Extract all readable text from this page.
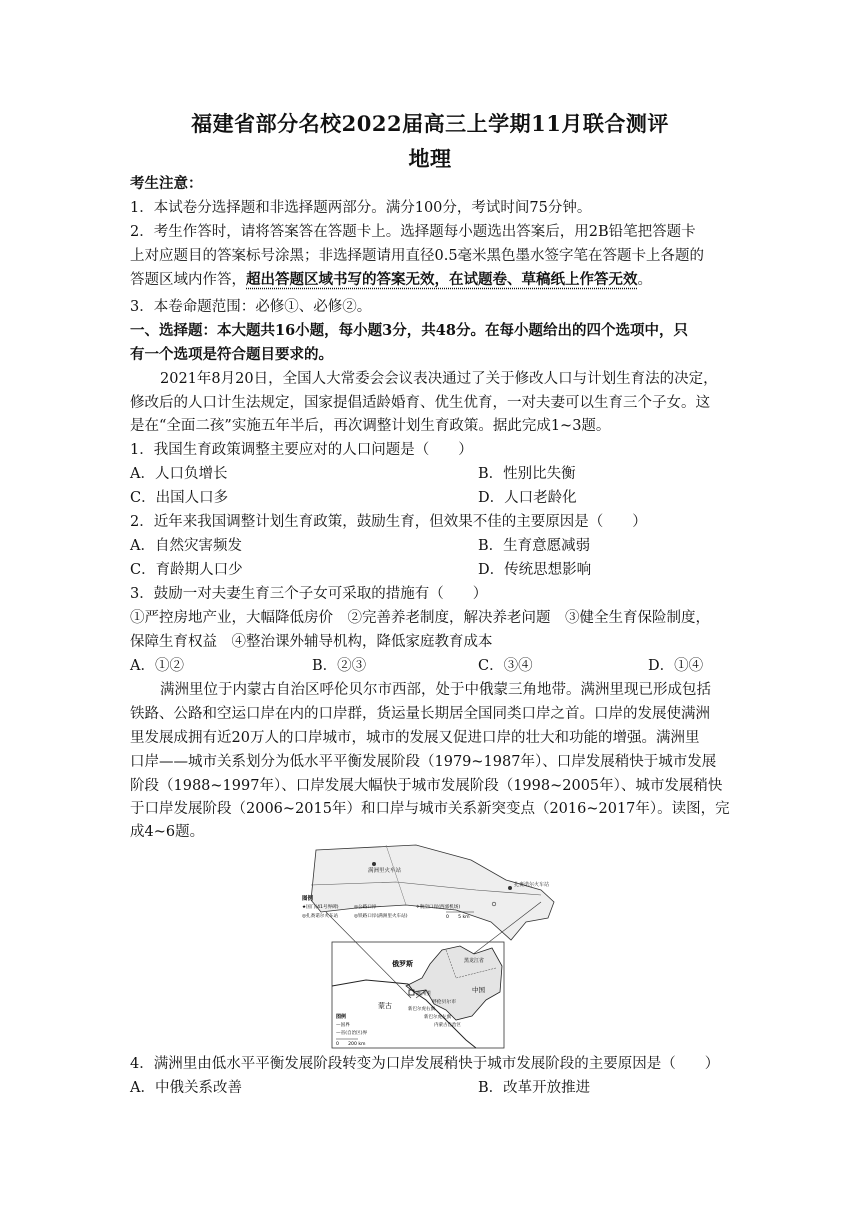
福建省部分名校2022届高三上学期11月联合测评
地理
考生注意：
1．本试卷分选择题和非选择题两部分。满分100分，考试时间75分钟。
2．考生作答时，请将答案答在答题卡上。选择题每小题选出答案后，用2B铅笔把答题卡
上对应题目的答案标号涂黑；非选择题请用直径0.5毫米黑色墨水签字笔在答题卡上各题的
答题区域内作答，超出答题区域书写的答案无效，在试题卷、草稿纸上作答无效。
3．本卷命题范围：必修①、必修②。
一、选择题：本大题共16小题，每小题3分，共48分。在每小题给出的四个选项中，只
有一个选项是符合题目要求的。
2021年8月20日，全国人大常委会会议表决通过了关于修改人口与计划生育法的决定，
修改后的人口计生法规定，国家提倡适龄婚育、优生优育，一对夫妻可以生育三个子女。这
是在“全面二孩”实施五年半后，再次调整计划生育政策。据此完成1~3题。
1．我国生育政策调整主要应对的人口问题是（　　）
A．人口负增长	B．性别比失衡
C．出国人口多	D．人口老龄化
2．近年来我国调整计划生育政策，鼓励生育，但效果不佳的主要原因是（　　）
A．自然灾害频发	B．生育意愿减弱
C．育龄期人口少	D．传统思想影响
3．鼓励一对夫妻生育三个子女可采取的措施有（　　）
①严控房地产业，大幅降低房价　②完善养老制度，解决养老问题　③健全生育保险制度，
保障生育权益　④整治课外辅导机构，降低家庭教育成本
A．①②	B．②③	C．③④	D．①④
满洲里位于内蒙古自治区呼伦贝尔市西部，处于中俄蒙三角地带。满洲里现已形成包括
铁路、公路和空运口岸在内的口岸群，货运量长期居全国同类口岸之首。口岸的发展使满洲
里发展成拥有近20万人的口岸城市，城市的发展又促进口岸的壮大和功能的增强。满洲里
口岸——城市关系划分为低水平平衡发展阶段（1979~1987年）、口岸发展稍快于城市发展
阶段（1988~1997年）、口岸发展大幅快于城市发展阶段（1998~2005年）、城市发展稍快
于口岸发展阶段（2006~2015年）和口岸与城市关系新突变点（2016~2017年）。读图，完
成4~6题。
满洲里火车站
扎赉诺尔火车站
图例
★国门(41号界碑)	◎公路口岸	✈航空口岸(西郊机场)
◎扎赉诺尔火车站	◎铁路口岸(满洲里火车站)	0　　5 km
俄罗斯	黑龙江省
中国
蒙古
满洲里
呼伦贝尔市
新巴尔虎右旗
新巴尔虎左旗
内蒙古自治区
图例
—国界
—省(自治区)界
0　　200 km
4．满洲里由低水平平衡发展阶段转变为口岸发展稍快于城市发展阶段的主要原因是（　　）
A．中俄关系改善	B．改革开放推进
